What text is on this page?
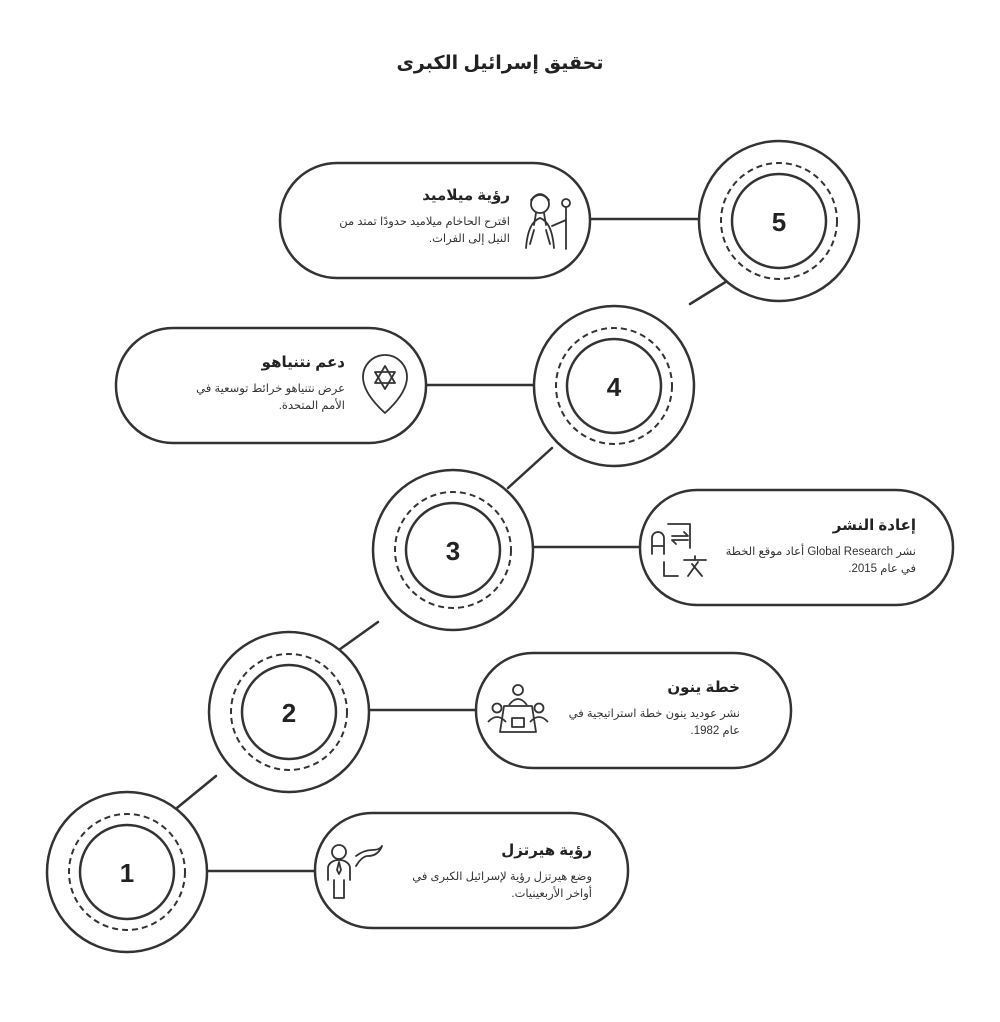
تحقيق إسرائيل الكبرى
5
4
3
2
1
رؤية ميلاميد
اقترح الحاخام ميلاميد حدودًا تمتد من النيل إلى الفرات.
دعم نتنياهو
عرض نتنياهو خرائط توسعية في الأمم المتحدة.
إعادة النشر
نشر Global Research أعاد موقع الخطة في عام 2015.
خطة ينون
نشر عوديد ينون خطة استراتيجية في عام 1982.
رؤية هيرتزل
وضع هيرتزل رؤية لإسرائيل الكبرى في أواخر الأربعينيات.
